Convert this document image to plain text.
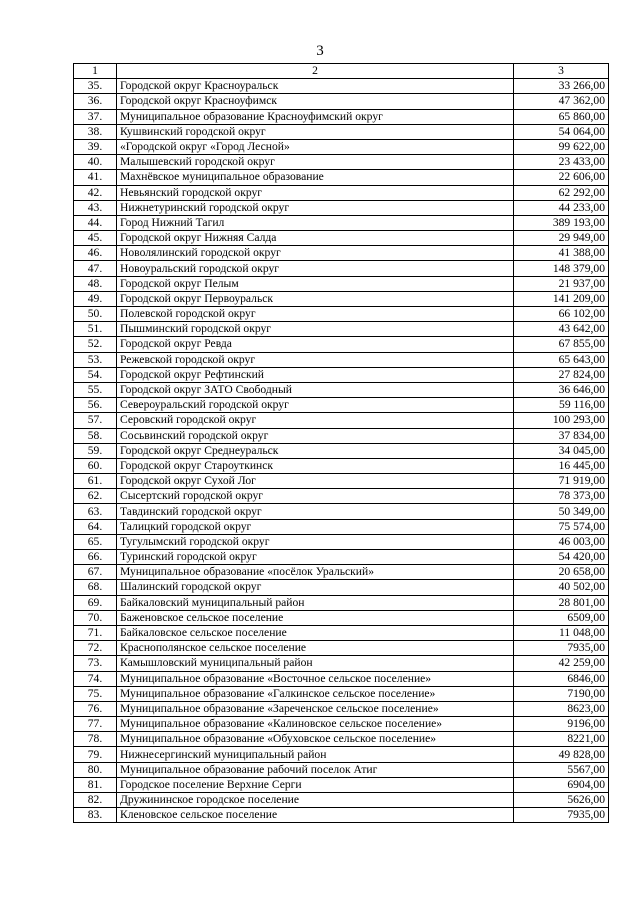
3
1	2	3
35.	Городской округ Красноуральск	33 266,00
36.	Городской округ Красноуфимск	47 362,00
37.	Муниципальное образование Красноуфимский округ	65 860,00
38.	Кушвинский городской округ	54 064,00
39.	«Городской округ «Город Лесной»	99 622,00
40.	Малышевский городской округ	23 433,00
41.	Махнёвское муниципальное образование	22 606,00
42.	Невьянский городской округ	62 292,00
43.	Нижнетуринский городской округ	44 233,00
44.	Город Нижний Тагил	389 193,00
45.	Городской округ Нижняя Салда	29 949,00
46.	Новолялинский городской округ	41 388,00
47.	Новоуральский городской округ	148 379,00
48.	Городской округ Пелым	21 937,00
49.	Городской округ Первоуральск	141 209,00
50.	Полевской городской округ	66 102,00
51.	Пышминский городской округ	43 642,00
52.	Городской округ Ревда	67 855,00
53.	Режевской городской округ	65 643,00
54.	Городской округ Рефтинский	27 824,00
55.	Городской округ ЗАТО Свободный	36 646,00
56.	Североуральский городской округ	59 116,00
57.	Серовский городской округ	100 293,00
58.	Сосьвинский городской округ	37 834,00
59.	Городской округ Среднеуральск	34 045,00
60.	Городской округ Староуткинск	16 445,00
61.	Городской округ Сухой Лог	71 919,00
62.	Сысертский городской округ	78 373,00
63.	Тавдинский городской округ	50 349,00
64.	Талицкий городской округ	75 574,00
65.	Тугулымский городской округ	46 003,00
66.	Туринский городской округ	54 420,00
67.	Муниципальное образование «посёлок Уральский»	20 658,00
68.	Шалинский городской округ	40 502,00
69.	Байкаловский муниципальный район	28 801,00
70.	Баженовское сельское поселение	6509,00
71.	Байкаловское сельское поселение	11 048,00
72.	Краснополянское сельское поселение	7935,00
73.	Камышловский муниципальный район	42 259,00
74.	Муниципальное образование «Восточное сельское поселение»	6846,00
75.	Муниципальное образование «Галкинское сельское поселение»	7190,00
76.	Муниципальное образование «Зареченское сельское поселение»	8623,00
77.	Муниципальное образование «Калиновское сельское поселение»	9196,00
78.	Муниципальное образование «Обуховское сельское поселение»	8221,00
79.	Нижнесергинский муниципальный район	49 828,00
80.	Муниципальное образование рабочий поселок Атиг	5567,00
81.	Городское поселение Верхние Серги	6904,00
82.	Дружининское городское поселение	5626,00
83.	Кленовское сельское поселение	7935,00
